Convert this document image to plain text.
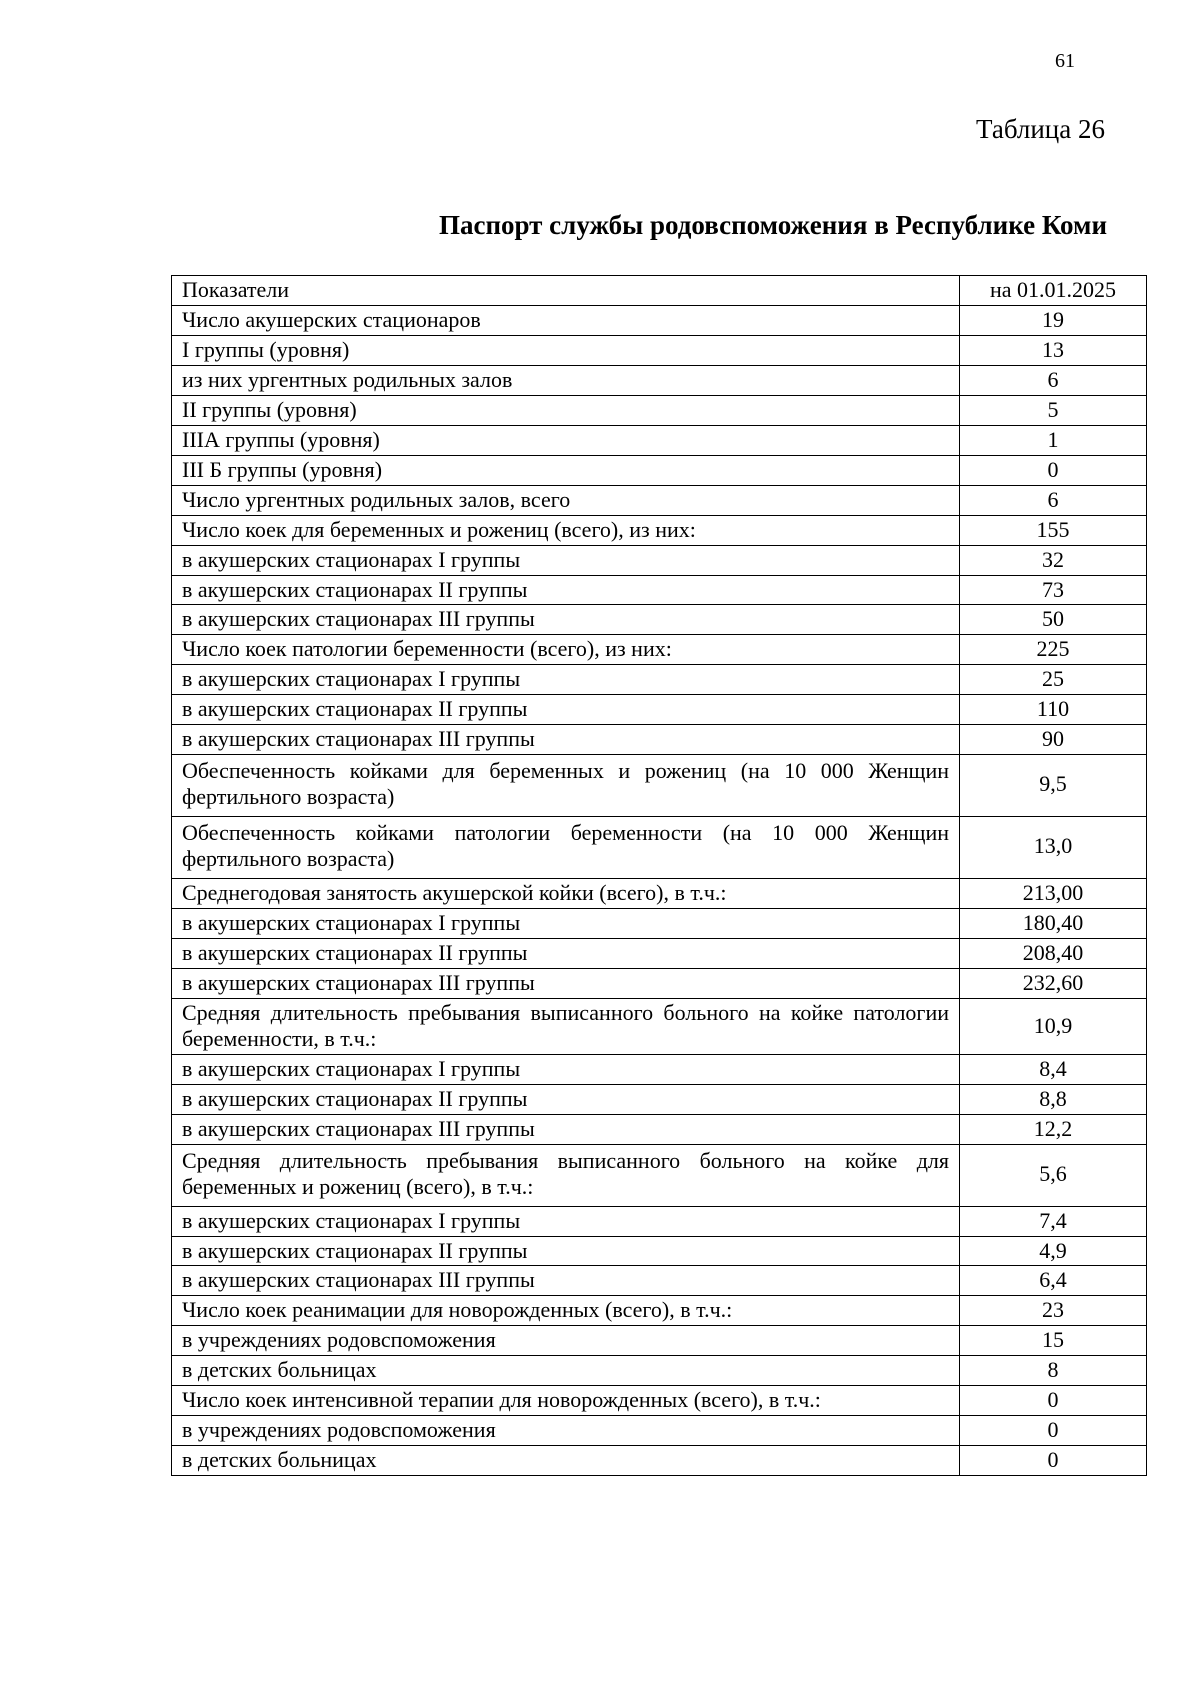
61
Таблица 26
Паспорт службы родовспоможения в Республике Коми
Показатели	на 01.01.2025
Число акушерских стационаров	19
I группы (уровня)	13
из них ургентных родильных залов	6
II группы (уровня)	5
IIIА группы (уровня)	1
III Б группы (уровня)	0
Число ургентных родильных залов, всего	6
Число коек для беременных и рожениц (всего), из них:	155
в акушерских стационарах I группы	32
в акушерских стационарах II группы	73
в акушерских стационарах III группы	50
Число коек патологии беременности (всего), из них:	225
в акушерских стационарах I группы	25
в акушерских стационарах II группы	110
в акушерских стационарах III группы	90
Обеспеченность койками для беременных и рожениц (на 10 000 Женщин фертильного возраста)	9,5
Обеспеченность койками патологии беременности (на 10 000 Женщин фертильного возраста)	13,0
Среднегодовая занятость акушерской койки (всего), в т.ч.:	213,00
в акушерских стационарах I группы	180,40
в акушерских стационарах II группы	208,40
в акушерских стационарах III группы	232,60
Средняя длительность пребывания выписанного больного на койке патологии беременности, в т.ч.:	10,9
в акушерских стационарах I группы	8,4
в акушерских стационарах II группы	8,8
в акушерских стационарах III группы	12,2
Средняя длительность пребывания выписанного больного на койке для беременных и рожениц (всего), в т.ч.:	5,6
в акушерских стационарах I группы	7,4
в акушерских стационарах II группы	4,9
в акушерских стационарах III группы	6,4
Число коек реанимации для новорожденных (всего), в т.ч.:	23
в учреждениях родовспоможения	15
в детских больницах	8
Число коек интенсивной терапии для новорожденных (всего), в т.ч.:	0
в учреждениях родовспоможения	0
в детских больницах	0
